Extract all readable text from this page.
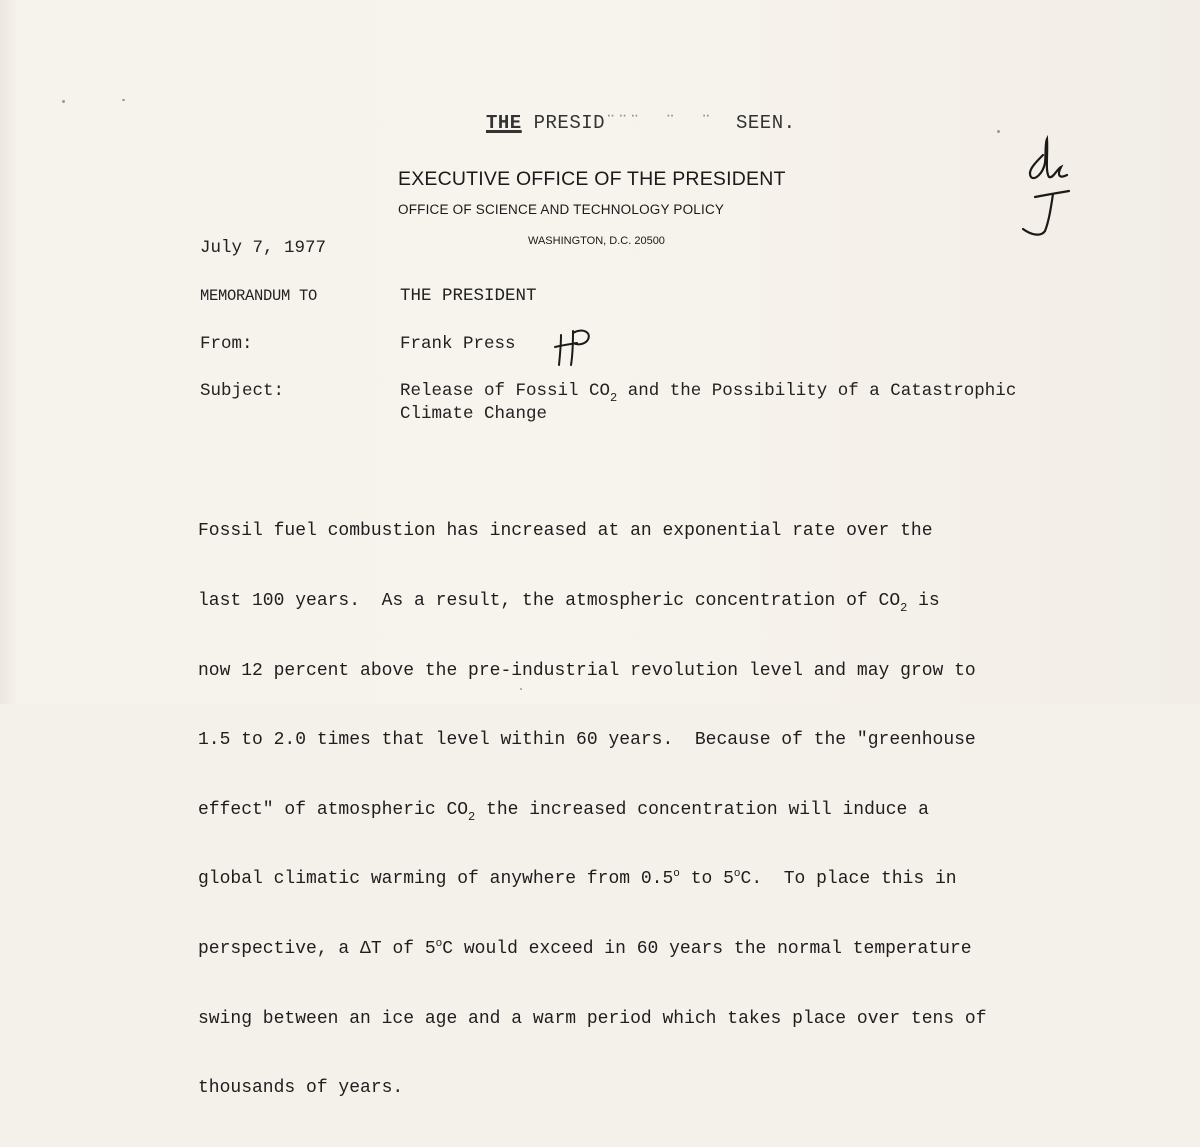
THE PRESID¨¨¨  ¨  ¨ SEEN.
EXECUTIVE OFFICE OF THE PRESIDENT
OFFICE OF SCIENCE AND TECHNOLOGY POLICY
WASHINGTON, D.C. 20500
July 7, 1977
MEMORANDUM TO	THE PRESIDENT
From:	Frank Press
Subject:	Release of Fossil $CO_2$ and the Possibility of a Catastrophic
Climate Change

Fossil fuel combustion has increased at an exponential rate over the

last 100 years.  As a result, the atmospheric concentration of $CO_2$ is

now 12 percent above the pre-industrial revolution level and may grow to

1.5 to 2.0 times that level within 60 years.  Because of the "greenhouse

effect" of atmospheric $CO_2$ the increased concentration will induce a

global climatic warming of anywhere from 0.5$^o$ to 5$^o$C.  To place this in

perspective, a ΔT of 5$^o$C would exceed in 60 years the normal temperature

swing between an ice age and a warm period which takes place over tens of

thousands of years.
